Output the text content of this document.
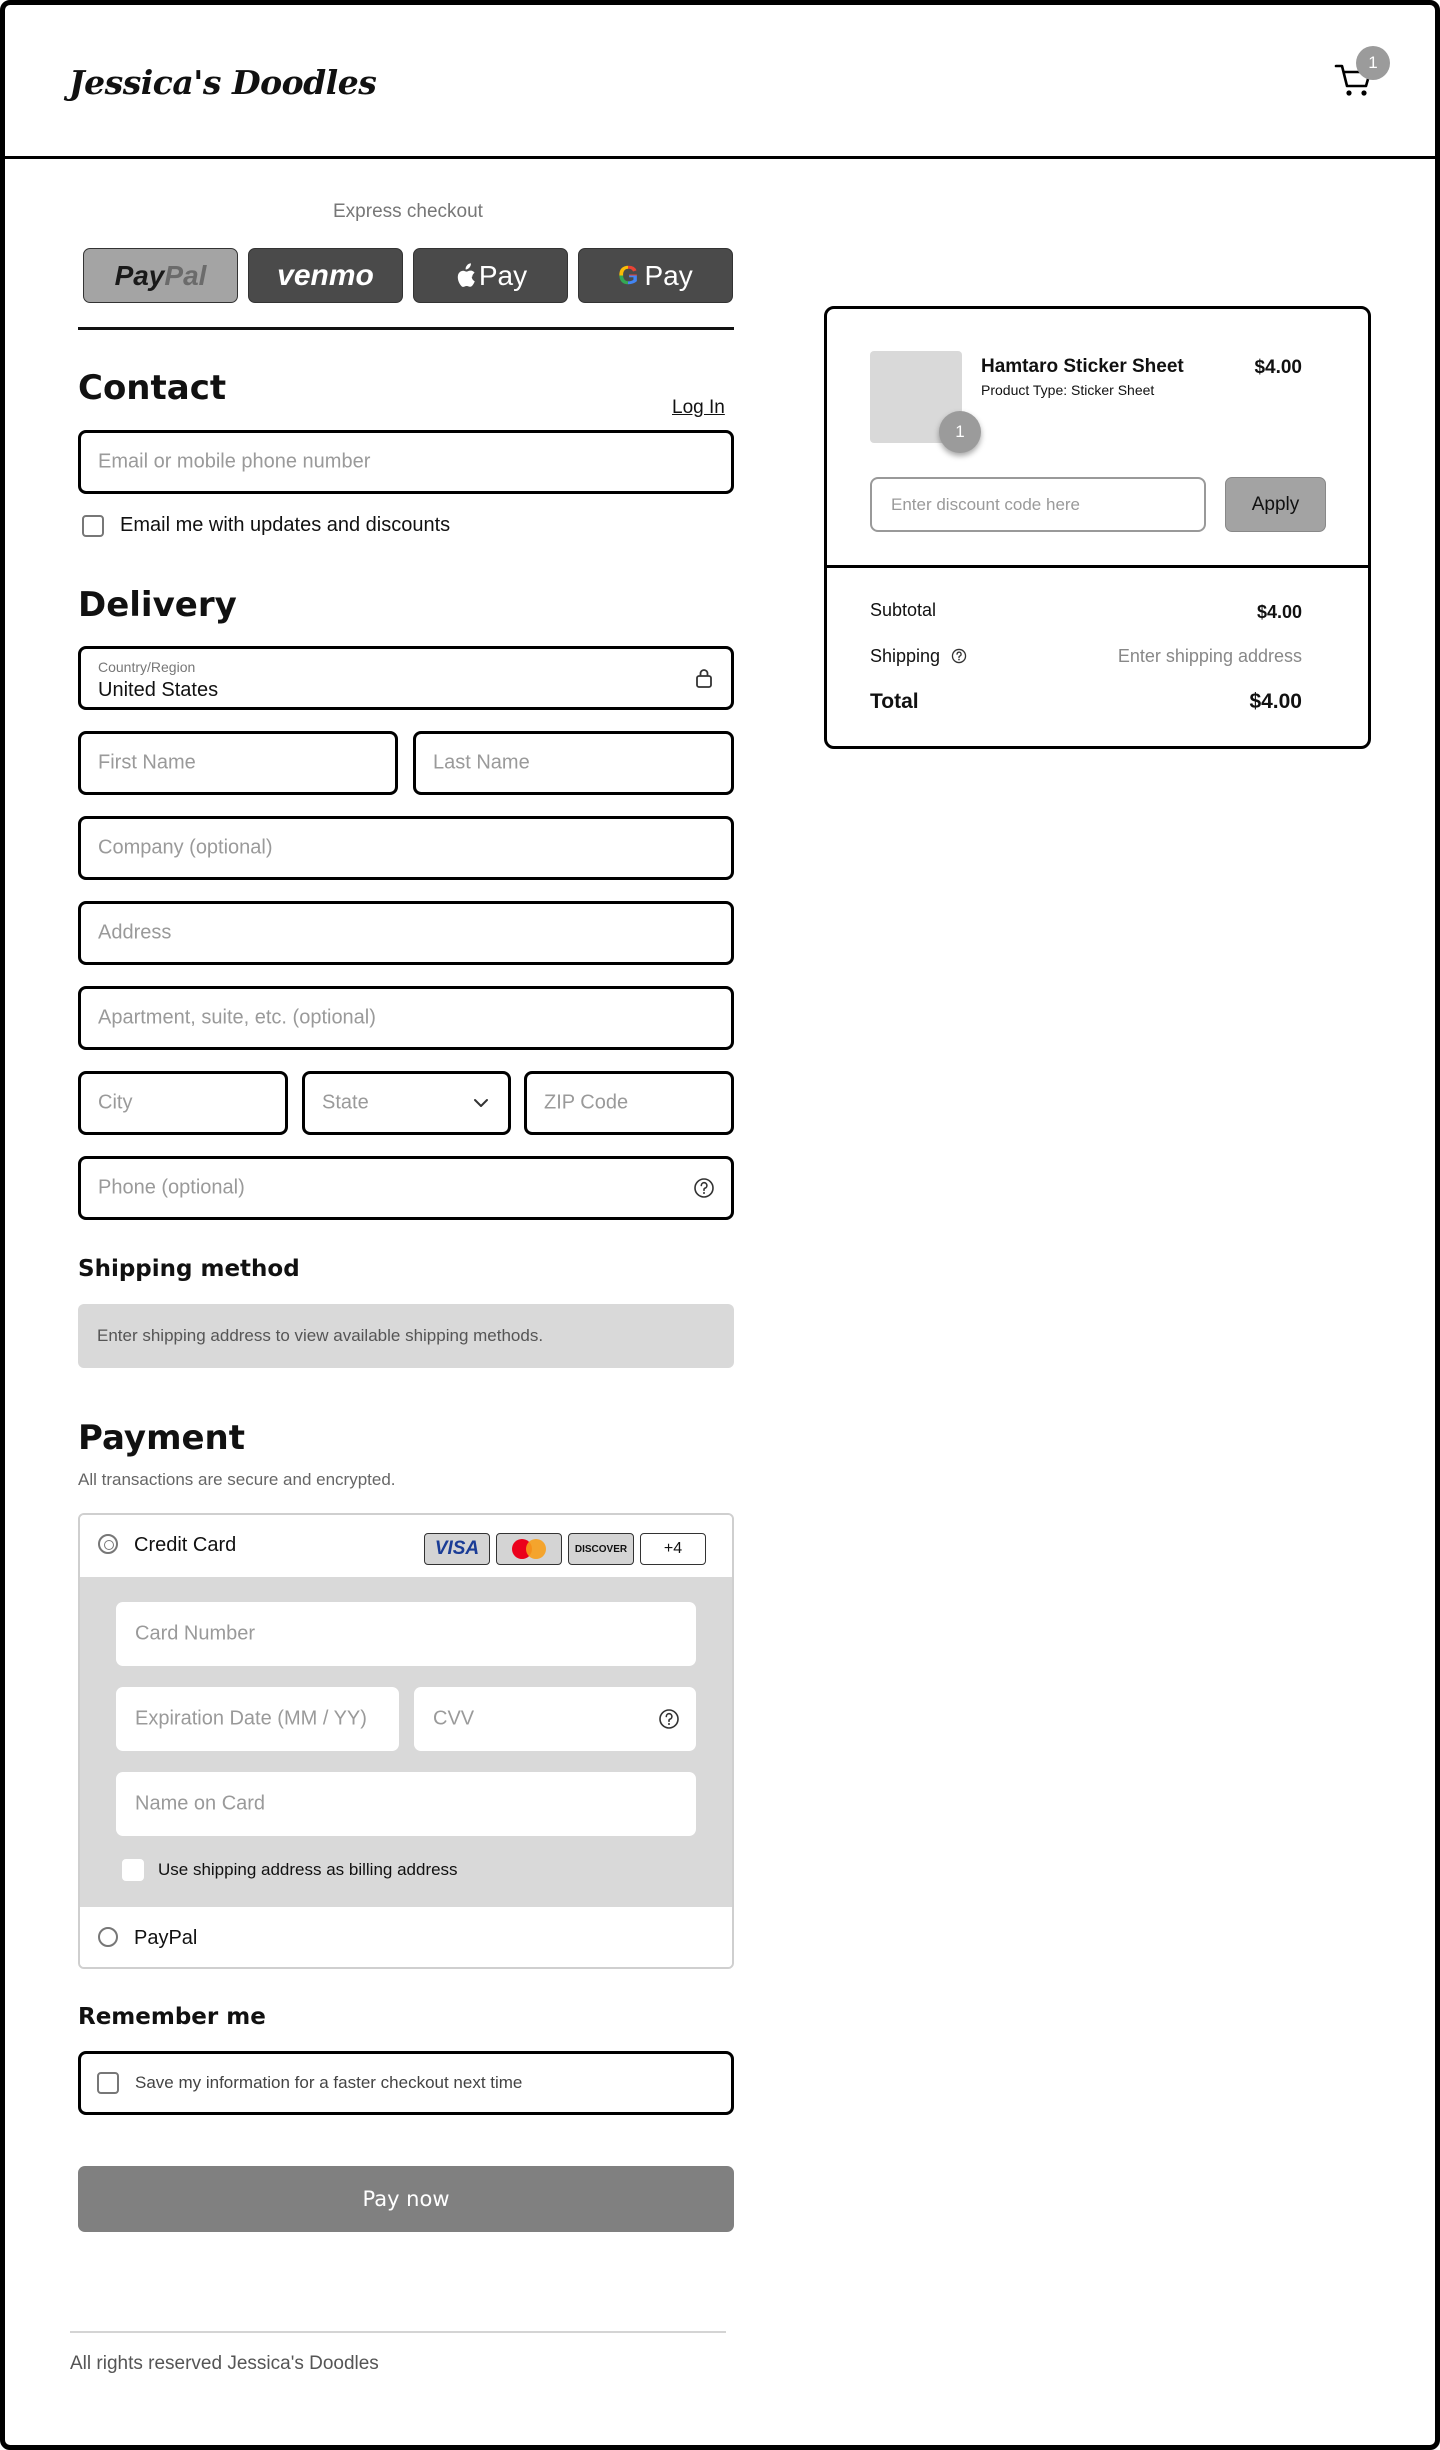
Jessica's Doodles
1
Express checkout
Pay Pal venmo	Pay	G Pay
Contact	Log In
Email or mobile phone number
Email me with updates and discounts
Delivery
Country/Region
United States
First Name	Last Name
Company (optional)
Address
Apartment, suite, etc. (optional)
City	State	ZIP Code
Phone (optional)
Shipping method
Enter shipping address to view available shipping methods.
Payment
All transactions are secure and encrypted.
Credit Card	VISA	DISCOVER	+4
Card Number
Expiration Date (MM / YY)	CVV
Name on Card
Use shipping address as billing address
PayPal
Remember me
Save my information for a faster checkout next time
Pay now
All rights reserved Jessica's Doodles
1
Hamtaro Sticker Sheet
Product Type: Sticker Sheet
$4.00
Enter discount code here	Apply
Subtotal	$4.00
Shipping	Enter shipping address
Total	$4.00
